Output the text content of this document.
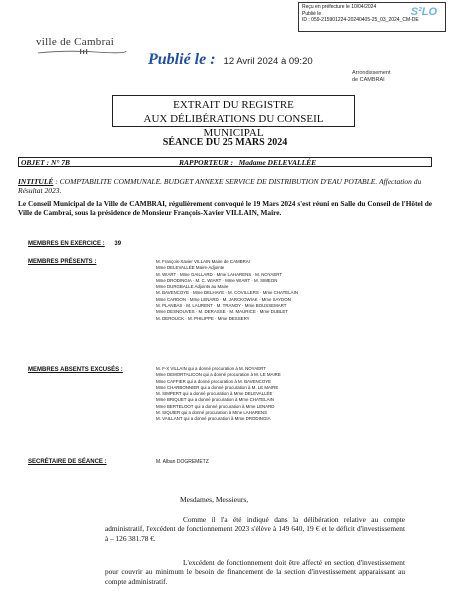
Reçu en préfecture le 10/04/2024
Publié le
ID : 059-215901224-20240405-25_03_2024_CM-DE
S²LO
ville de Cambrai
Publié le : 12 Avril 2024 à 09:20
Arrondissement
de CAMBRAI
EXTRAIT DU REGISTRE
AUX DÉLIBÉRATIONS DU CONSEIL MUNICIPAL
SÉANCE DU 25 MARS 2024
OBJET : N° 7B	RAPPORTEUR : Madame DELEVALLÉE
INTITULÉ : COMPTABILITE COMMUNALE. BUDGET ANNEXE SERVICE DE DISTRIBUTION D'EAU POTABLE. Affectation du Résultat 2023.
Le Conseil Municipal de la Ville de CAMBRAI, régulièrement convoqué le 19 Mars 2024 s'est réuni en Salle du Conseil de l'Hôtel de Ville de Cambrai, sous la présidence de Monsieur François-Xavier VILLAIN, Maire.
MEMBRES EN EXERCICE : 39
MEMBRES PRÉSENTS :	M. François-Xavier VILLAIN Maire de CAMBRAI
Mme DELEVALLÉE Maire-Adjointe
M. WIART · Mme GAILLARD · Mme LAHARENS · M. NOYAERT
Mme DRODINGIA · M. C. WIART · Mme WIART · M. SIMEON
Mme DURGBALLE Adjoints au Maire
M. BAVENCOYE · Mme DELHAYE · M. COVILLERS · Mme CHATELAIN
Mme CARDON · Mme LENARD · M. JARCKOWIAK · Mme SAYDON
M. PLANBAS · M. LAURENT · M. TRANOY · Mme BOUSSEMART
Mme DESNOUVES · M. DERASSE · M. MAURICE · Mme DUBLET
M. DEROUCK · M. PHILIPPE · Mme DESSERY
MEMBRES ABSENTS EXCUSÉS :	M. F-X VILLAIN qui a donné procuration à M. NOYAERT
Mme DEMORTALICON qui a donné procuration à M. LE MAIRE
Mme CAFFIER qui a donné procuration à M. BAVENCOYE
Mme CHARBONNIER qui a donné procuration à M. LE MAIRE
M. SIMPERT qui a donné procuration à Mme DELEVALLÉE
Mme BRIQUET qui a donné procuration à Mme CHATELAIN
Mme BERTELOOT qui a donné procuration à Mme LENARD
M. SIQUIER qui a donné procuration à Mme LAHARENS
M. VAILLANT qui a donné procuration à Mme DRODINGIA
SECRÉTAIRE DE SÉANCE :	M. Alban DOGREMETZ
Mesdames, Messieurs,
Comme il l'a été indiqué dans la délibération relative au compte administratif, l'excédent de fonctionnement 2023 s'élève à 149 640, 19 € et le déficit d'investissement à – 126 381.78 €.
L'excédent de fonctionnement doit être affecté en section d'investissement pour couvrir au minimum le besoin de financement de la section d'investissement apparaissant au compte administratif.
